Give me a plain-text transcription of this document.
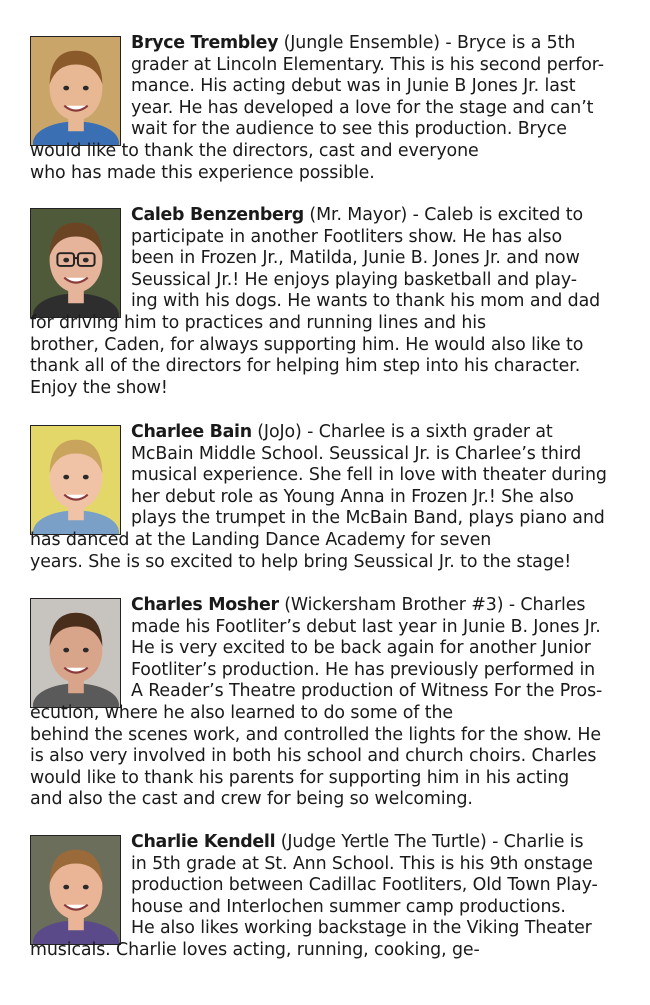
Bryce Trembley (Jungle Ensemble) - Bryce is a 5th
grader at Lincoln Elementary. This is his second perfor-
mance. His acting debut was in Junie B Jones Jr. last
year. He has developed a love for the stage and can’t
wait for the audience to see this production. Bryce
would like to thank the directors, cast and everyone
who has made this experience possible.
Caleb Benzenberg (Mr. Mayor) - Caleb is excited to
participate in another Footliters show. He has also
been in Frozen Jr., Matilda, Junie B. Jones Jr. and now
Seussical Jr.! He enjoys playing basketball and play-
ing with his dogs. He wants to thank his mom and dad
for driving him to practices and running lines and his
brother, Caden, for always supporting him. He would also like to
thank all of the directors for helping him step into his character.
Enjoy the show!
Charlee Bain (JoJo) - Charlee is a sixth grader at
McBain Middle School. Seussical Jr. is Charlee’s third
musical experience. She fell in love with theater during
her debut role as Young Anna in Frozen Jr.! She also
plays the trumpet in the McBain Band, plays piano and
has danced at the Landing Dance Academy for seven
years. She is so excited to help bring Seussical Jr. to the stage!
Charles Mosher (Wickersham Brother #3) - Charles
made his Footliter’s debut last year in Junie B. Jones Jr.
He is very excited to be back again for another Junior
Footliter’s production. He has previously performed in
A Reader’s Theatre production of Witness For the Pros-
ecution, where he also learned to do some of the
behind the scenes work, and controlled the lights for the show. He
is also very involved in both his school and church choirs. Charles
would like to thank his parents for supporting him in his acting
and also the cast and crew for being so welcoming.
Charlie Kendell (Judge Yertle The Turtle) - Charlie is
in 5th grade at St. Ann School. This is his 9th onstage
production between Cadillac Footliters, Old Town Play-
house and Interlochen summer camp productions.
He also likes working backstage in the Viking Theater
musicals. Charlie loves acting, running, cooking, ge-
